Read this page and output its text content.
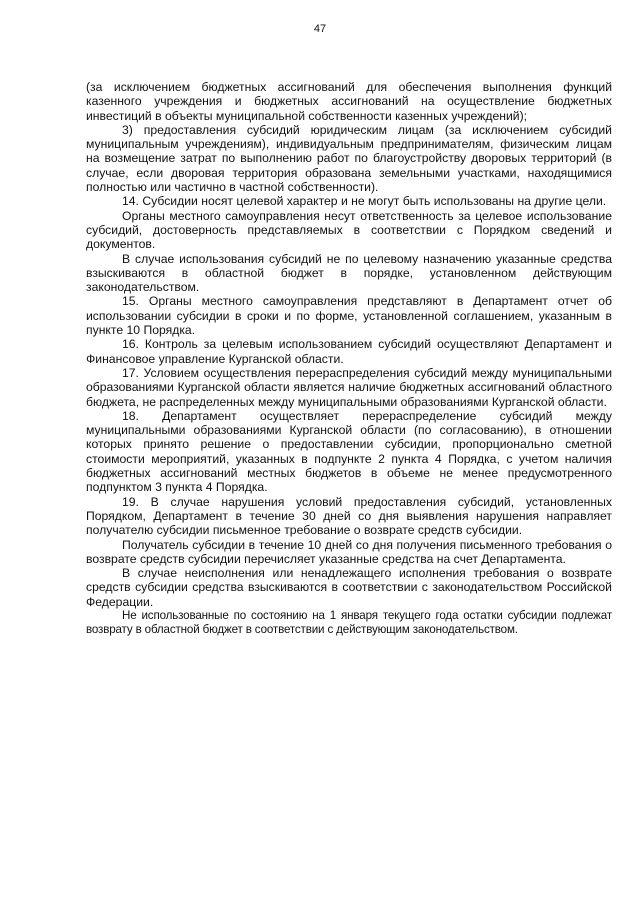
47

(за исключением бюджетных ассигнований для обеспечения выполнения функций казенного учреждения и бюджетных ассигнований на осуществление бюджетных инвестиций в объекты муниципальной собственности казенных учреждений);

3) предоставления субсидий юридическим лицам (за исключением субсидий муниципальным учреждениям), индивидуальным предпринимателям, физическим лицам на возмещение затрат по выполнению работ по благоустройству дворовых территорий (в случае, если дворовая территория образована земельными участками, находящимися полностью или частично в частной собственности).

14. Субсидии носят целевой характер и не могут быть использованы на другие цели.

Органы местного самоуправления несут ответственность за целевое использование субсидий, достоверность представляемых в соответствии с Порядком сведений и документов.

В случае использования субсидий не по целевому назначению указанные средства взыскиваются в областной бюджет в порядке, установленном действующим законодательством.

15. Органы местного самоуправления представляют в Департамент отчет об использовании субсидии в сроки и по форме, установленной соглашением, указанным в пункте 10 Порядка.

16. Контроль за целевым использованием субсидий осуществляют Департамент и Финансовое управление Курганской области.

17. Условием осуществления перераспределения субсидий между муниципальными образованиями Курганской области является наличие бюджетных ассигнований областного бюджета, не распределенных между муниципальными образованиями Курганской области.

18. Департамент осуществляет перераспределение субсидий между муниципальными образованиями Курганской области (по согласованию), в отношении которых принято решение о предоставлении субсидии, пропорционально сметной стоимости мероприятий, указанных в подпункте 2 пункта 4 Порядка, с учетом наличия бюджетных ассигнований местных бюджетов в объеме не менее предусмотренного подпунктом 3 пункта 4 Порядка.

19. В случае нарушения условий предоставления субсидий, установленных Порядком, Департамент в течение 30 дней со дня выявления нарушения направляет получателю субсидии письменное требование о возврате средств субсидии.

Получатель субсидии в течение 10 дней со дня получения письменного требования о возврате средств субсидии перечисляет указанные средства на счет Департамента.

В случае неисполнения или ненадлежащего исполнения требования о возврате средств субсидии средства взыскиваются в соответствии с законодательством Российской Федерации.

Не использованные по состоянию на 1 января текущего года остатки субсидии подлежат возврату в областной бюджет в соответствии с действующим законодательством.
